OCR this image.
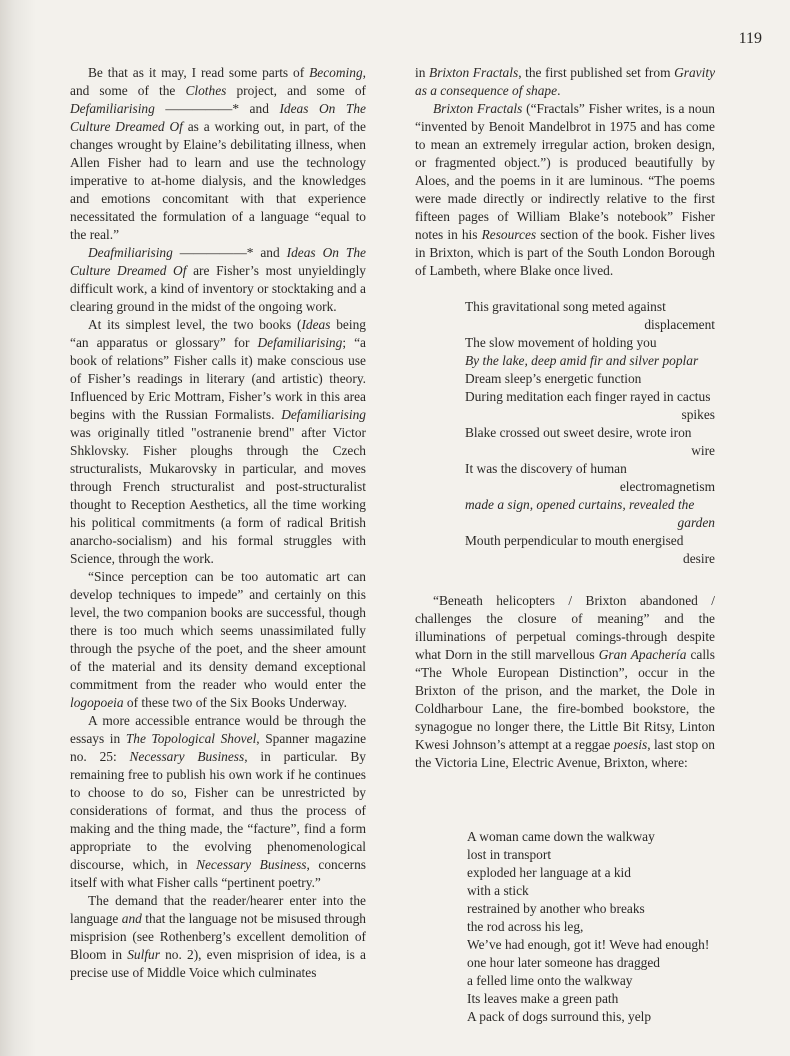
119

Be that as it may, I read some parts of Becoming, and some of the Clothes project, and some of Defamiliarising —————* and Ideas On The Culture Dreamed Of as a working out, in part, of the changes wrought by Elaine’s debilitating illness, when Allen Fisher had to learn and use the technology imperative to at-home dialysis, and the knowledges and emotions concomitant with that experience necessitated the formulation of a language “equal to the real.”

Deafmiliarising —————* and Ideas On The Culture Dreamed Of are Fisher’s most unyieldingly difficult work, a kind of inventory or stocktaking and a clearing ground in the midst of the ongoing work.

At its simplest level, the two books (Ideas being “an apparatus or glossary” for Defamiliarising; “a book of relations” Fisher calls it) make conscious use of Fisher’s readings in literary (and artistic) theory. Influenced by Eric Mottram, Fisher’s work in this area begins with the Russian Formalists. Defamiliarising was originally titled "ostranenie brend" after Victor Shklovsky. Fisher ploughs through the Czech structuralists, Mukarovsky in particular, and moves through French structuralist and post-structuralist thought to Reception Aesthetics, all the time working his political commitments (a form of radical British anarcho-socialism) and his formal struggles with Science, through the work.

“Since perception can be too automatic art can develop techniques to impede” and certainly on this level, the two companion books are successful, though there is too much which seems unassimilated fully through the psyche of the poet, and the sheer amount of the material and its density demand exceptional commitment from the reader who would enter the logopoeia of these two of the Six Books Underway.

A more accessible entrance would be through the essays in The Topological Shovel, Spanner magazine no. 25: Necessary Business, in particular. By remaining free to publish his own work if he continues to choose to do so, Fisher can be unrestricted by considerations of format, and thus the process of making and the thing made, the “facture”, find a form appropriate to the evolving phenomenological discourse, which, in Necessary Business, concerns itself with what Fisher calls “pertinent poetry.”

The demand that the reader/hearer enter into the language and that the language not be misused through misprision (see Rothenberg’s excellent demolition of Bloom in Sulfur no. 2), even misprision of idea, is a precise use of Middle Voice which culminates

in Brixton Fractals, the first published set from Gravity as a consequence of shape.

Brixton Fractals (“Fractals” Fisher writes, is a noun “invented by Benoit Mandelbrot in 1975 and has come to mean an extremely irregular action, broken design, or fragmented object.”) is produced beautifully by Aloes, and the poems in it are luminous. “The poems were made directly or indirectly relative to the first fifteen pages of William Blake’s notebook” Fisher notes in his Resources section of the book. Fisher lives in Brixton, which is part of the South London Borough of Lambeth, where Blake once lived.

This gravitational song meted against
displacement
The slow movement of holding you
By the lake, deep amid fir and silver poplar
Dream sleep’s energetic function
During meditation each finger rayed in cactus
spikes
Blake crossed out sweet desire, wrote iron
wire
It was the discovery of human
electromagnetism
made a sign, opened curtains, revealed the
garden
Mouth perpendicular to mouth energised
desire

“Beneath helicopters / Brixton abandoned / challenges the closure of meaning” and the illuminations of perpetual comings-through despite what Dorn in the still marvellous Gran Apachería calls “The Whole European Distinction”, occur in the Brixton of the prison, and the market, the Dole in Coldharbour Lane, the fire-bombed bookstore, the synagogue no longer there, the Little Bit Ritsy, Linton Kwesi Johnson’s attempt at a reggae poesis, last stop on the Victoria Line, Electric Avenue, Brixton, where:

A woman came down the walkway
lost in transport
exploded her language at a kid
with a stick
restrained by another who breaks
the rod across his leg,
We’ve had enough, got it! Weve had enough!
one hour later someone has dragged
a felled lime onto the walkway
Its leaves make a green path
A pack of dogs surround this, yelp
